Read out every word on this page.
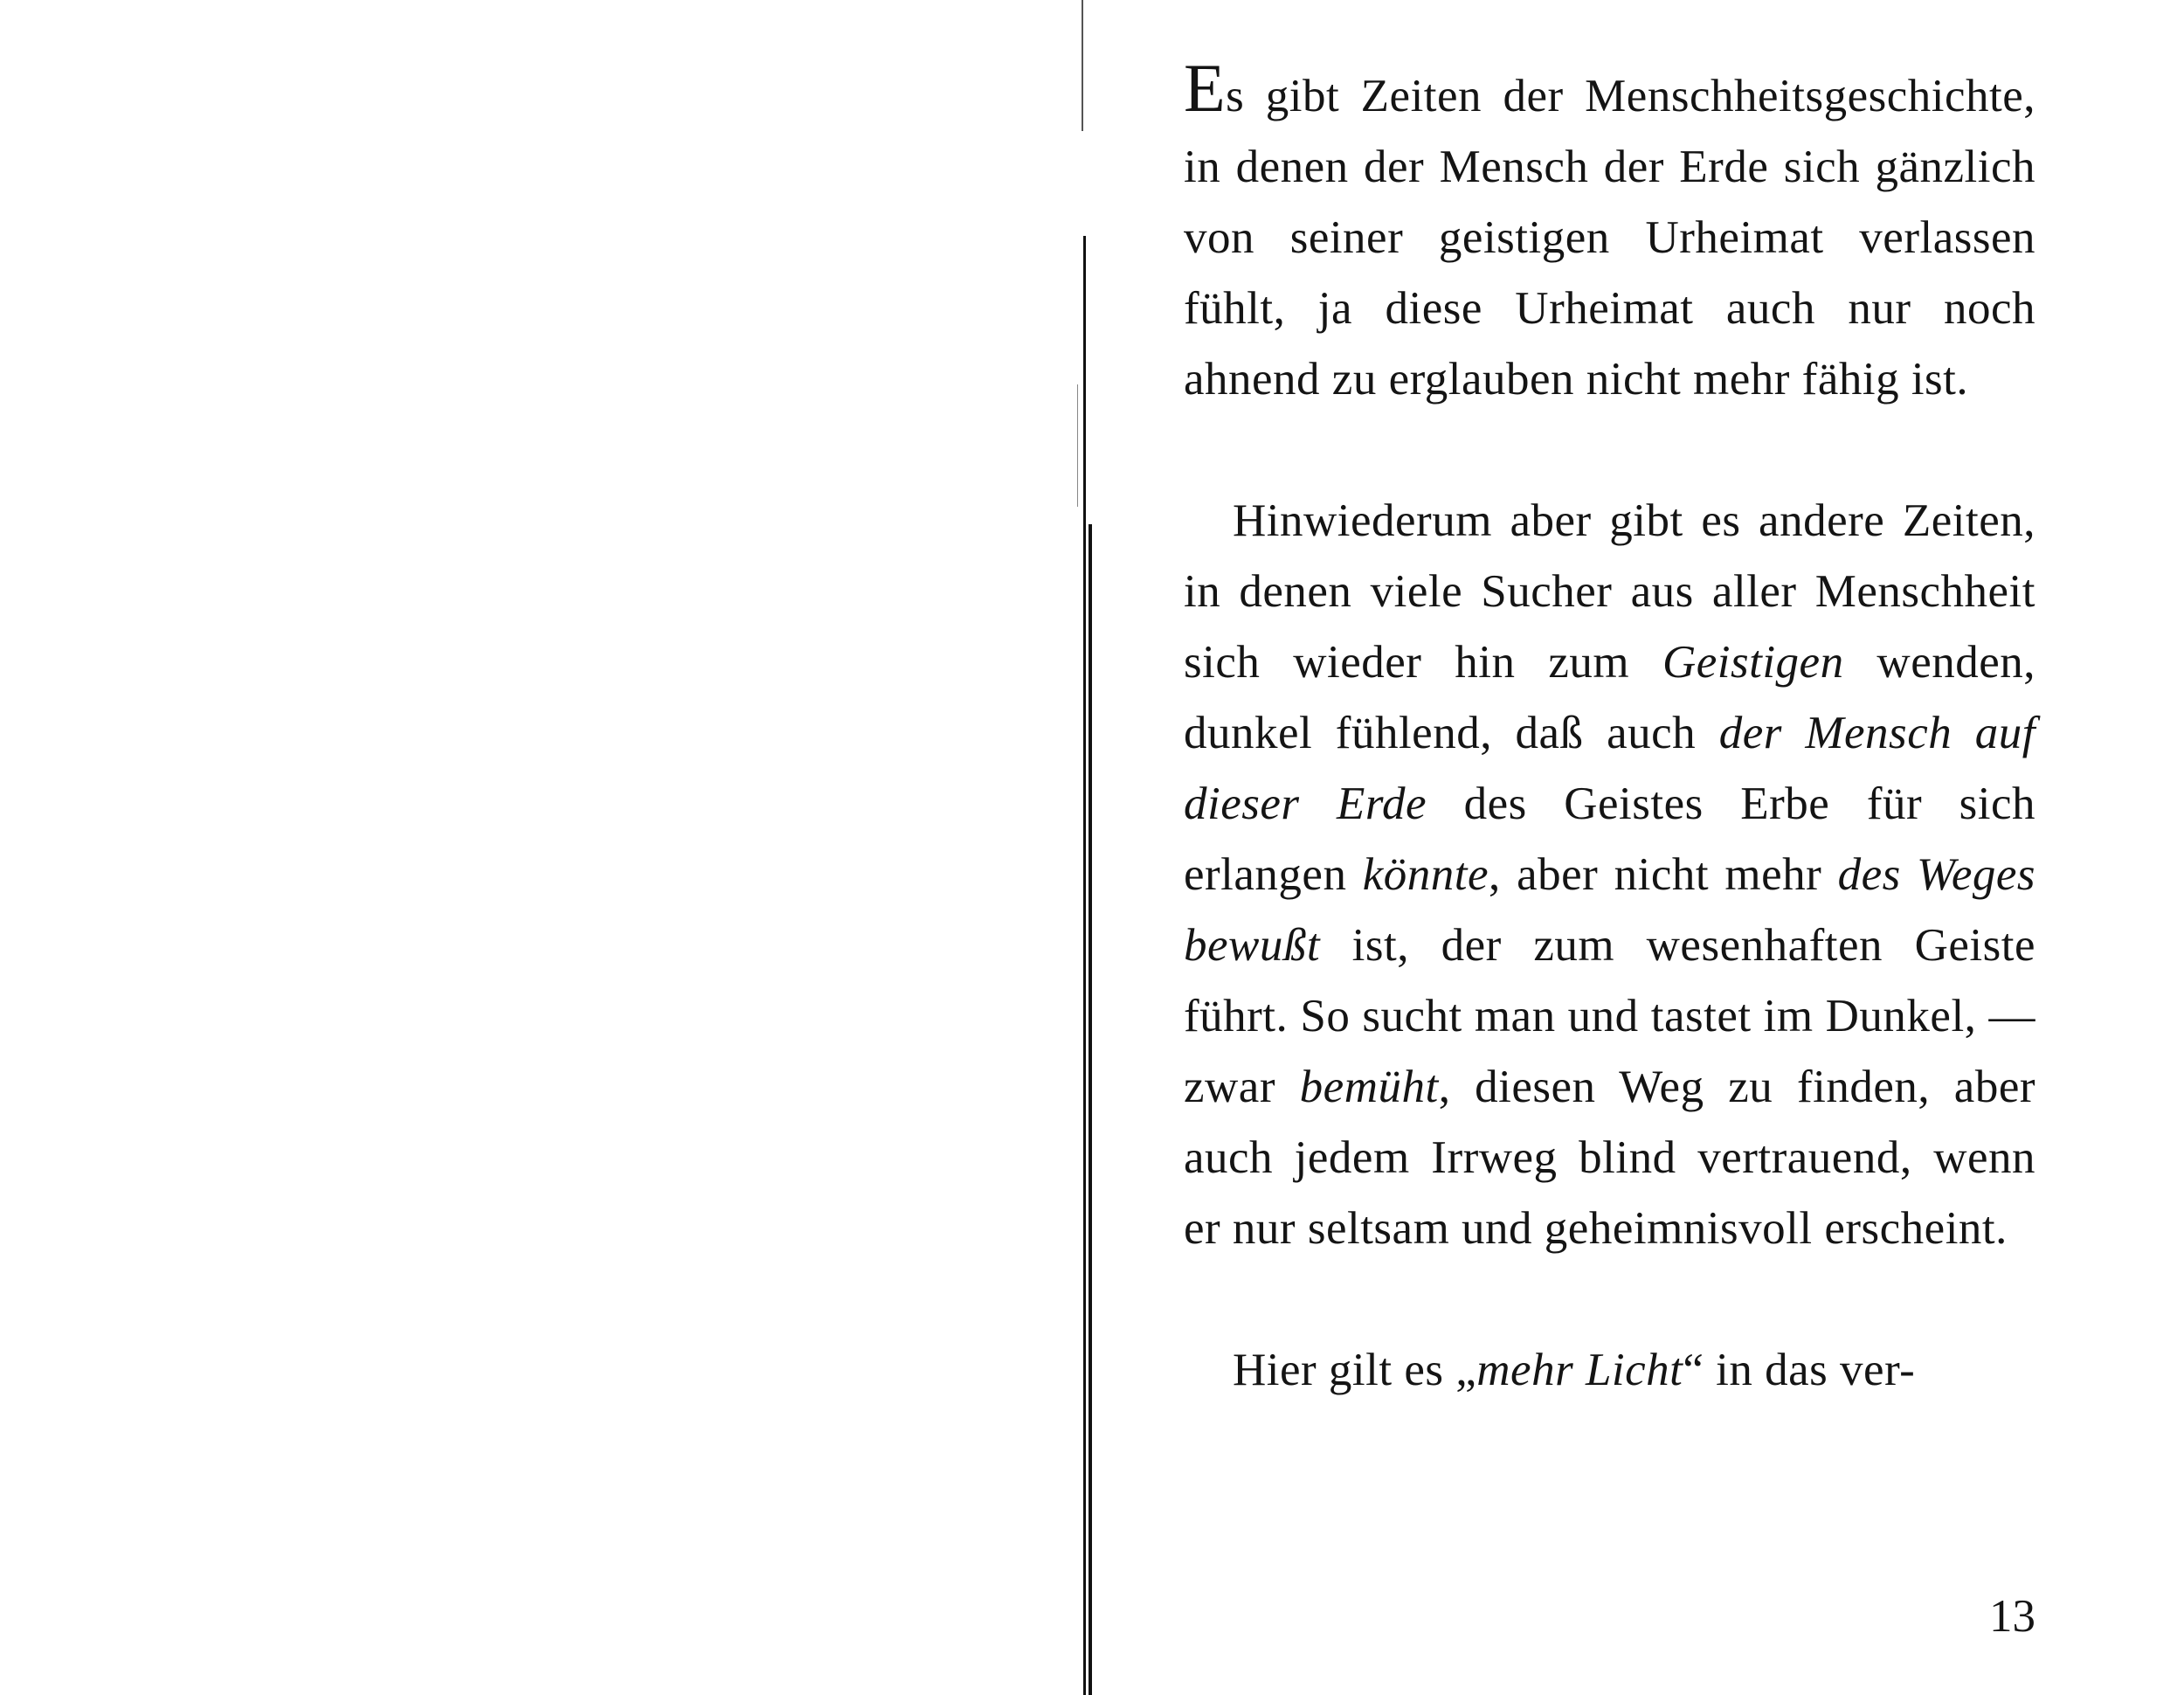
Es gibt Zeiten der Menschheitsgeschichte, in denen der Mensch der Erde sich gänzlich von seiner geistigen Urheimat verlassen fühlt, ja diese Urheimat auch nur noch ahnend zu erglauben nicht mehr fähig ist.

Hinwiederum aber gibt es andere Zeiten, in denen viele Sucher aus aller Menschheit sich wieder hin zum Geistigen wenden, dunkel fühlend, daß auch der Mensch auf dieser Erde des Geistes Erbe für sich erlangen könnte, aber nicht mehr des Weges bewußt ist, der zum wesenhaften Geiste führt. So sucht man und tastet im Dunkel, — zwar bemüht, diesen Weg zu finden, aber auch jedem Irrweg blind vertrauend, wenn er nur seltsam und geheimnisvoll erscheint.

Hier gilt es „mehr Licht“ in das ver-

13
